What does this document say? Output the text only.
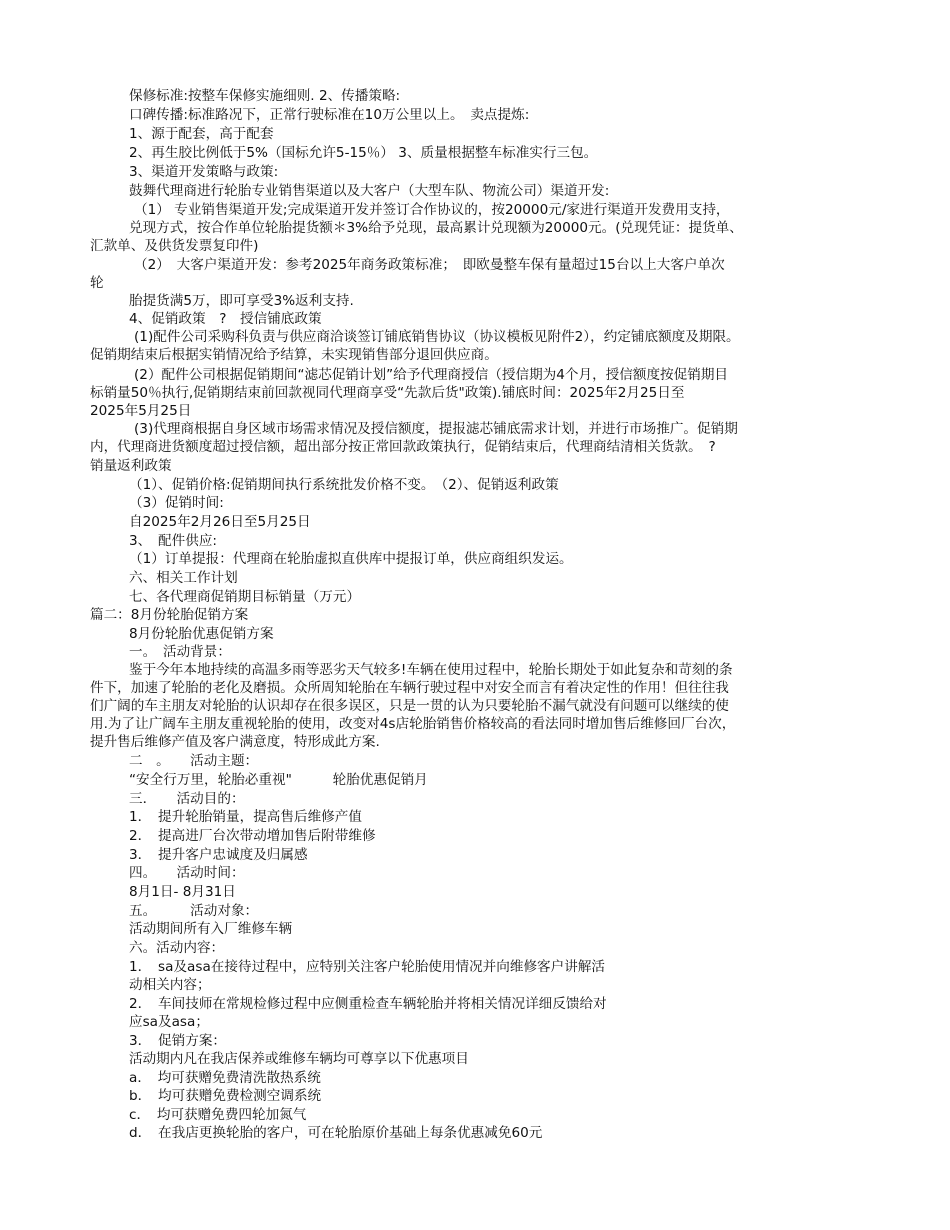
保修标准:按整车保修实施细则. 2、传播策略:
口碑传播:标准路况下，正常行驶标准在10万公里以上。　卖点提炼:
1、源于配套，高于配套
2、再生胶比例低于5%（国标允许5-15％） 3、质量根据整车标准实行三包。
3、渠道开发策略与政策:
鼓舞代理商进行轮胎专业销售渠道以及大客户（大型车队、物流公司）渠道开发:
（1） 专业销售渠道开发;完成渠道开发并签订合作协议的，按20000元/家进行渠道开发费用支持，
兑现方式，按合作单位轮胎提货额＊3%给予兑现，最高累计兑现额为20000元。(兑现凭证：提货单、
汇款单、及供货发票复印件)
（2）　大客户渠道开发：参考2025年商务政策标准；　即欧曼整车保有量超过15台以上大客户单次
轮
胎提货满5万，即可享受3%返利支持.
4、促销政策　?　授信铺底政策
(1)配件公司采购科负责与供应商洽谈签订铺底销售协议（协议模板见附件2），约定铺底额度及期限。
促销期结束后根据实销情况给予结算，未实现销售部分退回供应商。
(2）配件公司根据促销期间“滤芯促销计划”给予代理商授信（授信期为4个月，授信额度按促销期目
标销量50％执行,促销期结束前回款视同代理商享受“先款后货"政策).铺底时间：2025年2月25日至
2025年5月25日
(3)代理商根据自身区域市场需求情况及授信额度，提报滤芯铺底需求计划，并进行市场推广。促销期
内，代理商进货额度超过授信额，超出部分按正常回款政策执行，促销结束后，代理商结清相关货款。　?
销量返利政策
（1）、促销价格:促销期间执行系统批发价格不变。　（2）、促销返利政策
（3）促销时间:
自2025年2月26日至5月25日
3、　配件供应:
（1）订单提报：代理商在轮胎虚拟直供库中提报订单，供应商组织发运。
六、相关工作计划
七、各代理商促销期目标销量（万元）
篇二：8月份轮胎促销方案
8月份轮胎优惠促销方案
一。　活动背景：
鉴于今年本地持续的高温多雨等恶劣天气较多!车辆在使用过程中，轮胎长期处于如此复杂和苛刻的条
件下，加速了轮胎的老化及磨损。众所周知轮胎在车辆行驶过程中对安全而言有着决定性的作用！但往往我
们广阔的车主朋友对轮胎的认识却存在很多误区，只是一贯的认为只要轮胎不漏气就没有问题可以继续的使
用.为了让广阔车主朋友重视轮胎的使用，改变对4s店轮胎销售价格较高的看法同时增加售后维修回厂台次，
提升售后维修产值及客户满意度，特形成此方案.
二　。　　活动主题：
“安全行万里，轮胎必重视"　　　轮胎优惠促销月
三．　　活动目的：
1．　提升轮胎销量，提高售后维修产值
2．　提高进厂台次带动增加售后附带维修
3．　提升客户忠诚度及归属感
四。　　活动时间：
8月1日- 8月31日
五。　　　活动对象：
活动期间所有入厂维修车辆
六。活动内容：
1．　sa及asa在接待过程中，应特别关注客户轮胎使用情况并向维修客户讲解活
动相关内容；
2．　车间技师在常规检修过程中应侧重检查车辆轮胎并将相关情况详细反馈给对
应sa及asa；
3．　促销方案：
活动期内凡在我店保养或维修车辆均可尊享以下优惠项目
a．　均可获赠免费清洗散热系统
b．　均可获赠免费检测空调系统
c．　均可获赠免费四轮加氮气
d．　在我店更换轮胎的客户，可在轮胎原价基础上每条优惠减免60元
